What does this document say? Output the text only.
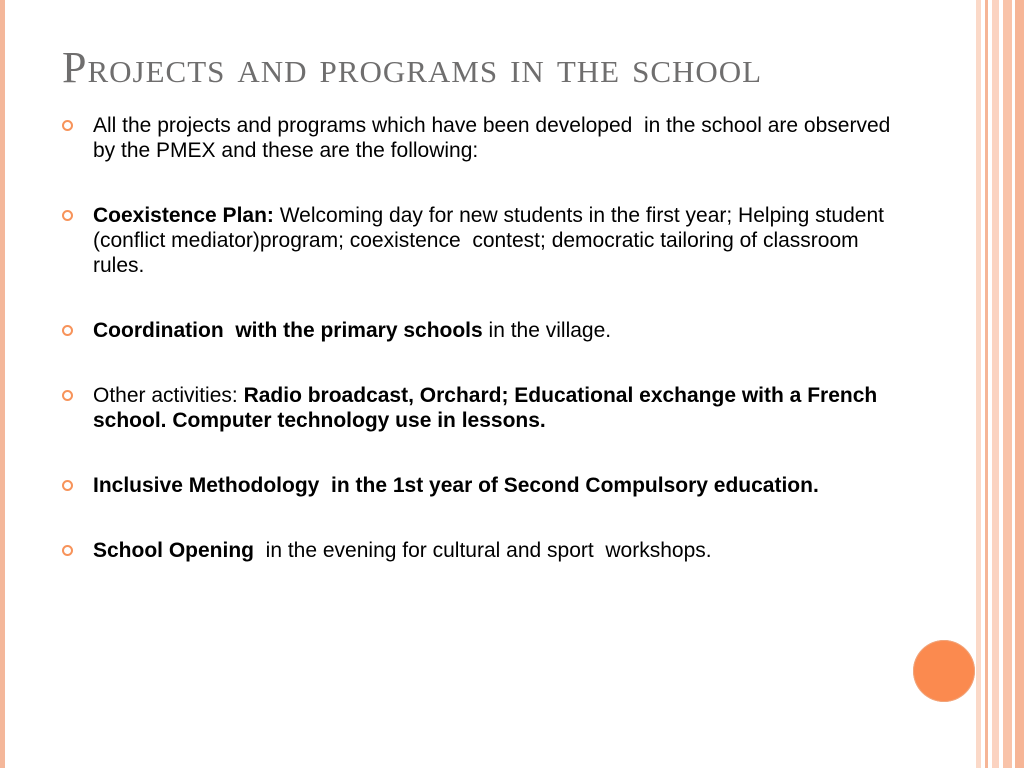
Projects and programs in the school
All the projects and programs which have been developed  in the school are observed by the PMEX and these are the following:
Coexistence Plan: Welcoming day for new students in the first year; Helping student (conflict mediator)program; coexistence  contest; democratic tailoring of classroom rules.
Coordination  with the primary schools in the village.
Other activities: Radio broadcast, Orchard; Educational exchange with a French school. Computer technology use in lessons.
Inclusive Methodology  in the 1st year of Second Compulsory education.
School Opening  in the evening for cultural and sport  workshops.
